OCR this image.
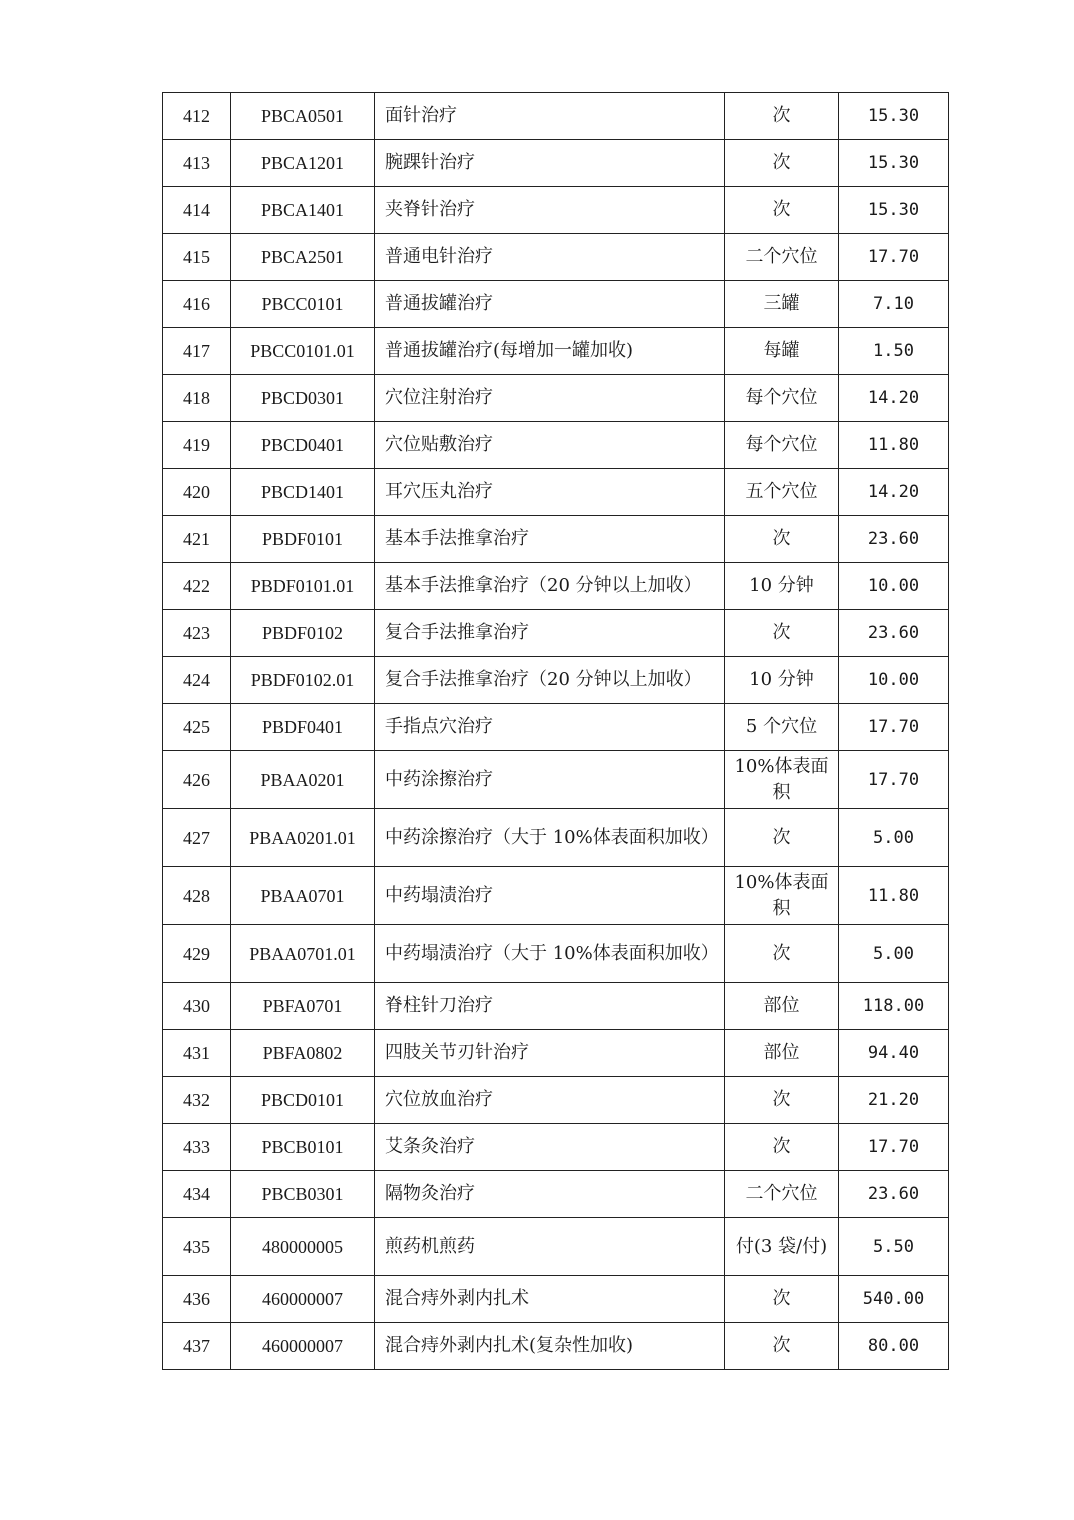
412	PBCA0501	面针治疗	次	15.30
413	PBCA1201	腕踝针治疗	次	15.30
414	PBCA1401	夹脊针治疗	次	15.30
415	PBCA2501	普通电针治疗	二个穴位	17.70
416	PBCC0101	普通拔罐治疗	三罐	7.10
417	PBCC0101.01	普通拔罐治疗(每增加一罐加收)	每罐	1.50
418	PBCD0301	穴位注射治疗	每个穴位	14.20
419	PBCD0401	穴位贴敷治疗	每个穴位	11.80
420	PBCD1401	耳穴压丸治疗	五个穴位	14.20
421	PBDF0101	基本手法推拿治疗	次	23.60
422	PBDF0101.01	基本手法推拿治疗（20 分钟以上加收）	10 分钟	10.00
423	PBDF0102	复合手法推拿治疗	次	23.60
424	PBDF0102.01	复合手法推拿治疗（20 分钟以上加收）	10 分钟	10.00
425	PBDF0401	手指点穴治疗	5 个穴位	17.70
426	PBAA0201	中药涂擦治疗	10%体表面积	17.70
427	PBAA0201.01	中药涂擦治疗（大于 10%体表面积加收）	次	5.00
428	PBAA0701	中药塌渍治疗	10%体表面积	11.80
429	PBAA0701.01	中药塌渍治疗（大于 10%体表面积加收）	次	5.00
430	PBFA0701	脊柱针刀治疗	部位	118.00
431	PBFA0802	四肢关节刃针治疗	部位	94.40
432	PBCD0101	穴位放血治疗	次	21.20
433	PBCB0101	艾条灸治疗	次	17.70
434	PBCB0301	隔物灸治疗	二个穴位	23.60
435	480000005	煎药机煎药	付(3 袋/付)	5.50
436	460000007	混合痔外剥内扎术	次	540.00
437	460000007	混合痔外剥内扎术(复杂性加收)	次	80.00
